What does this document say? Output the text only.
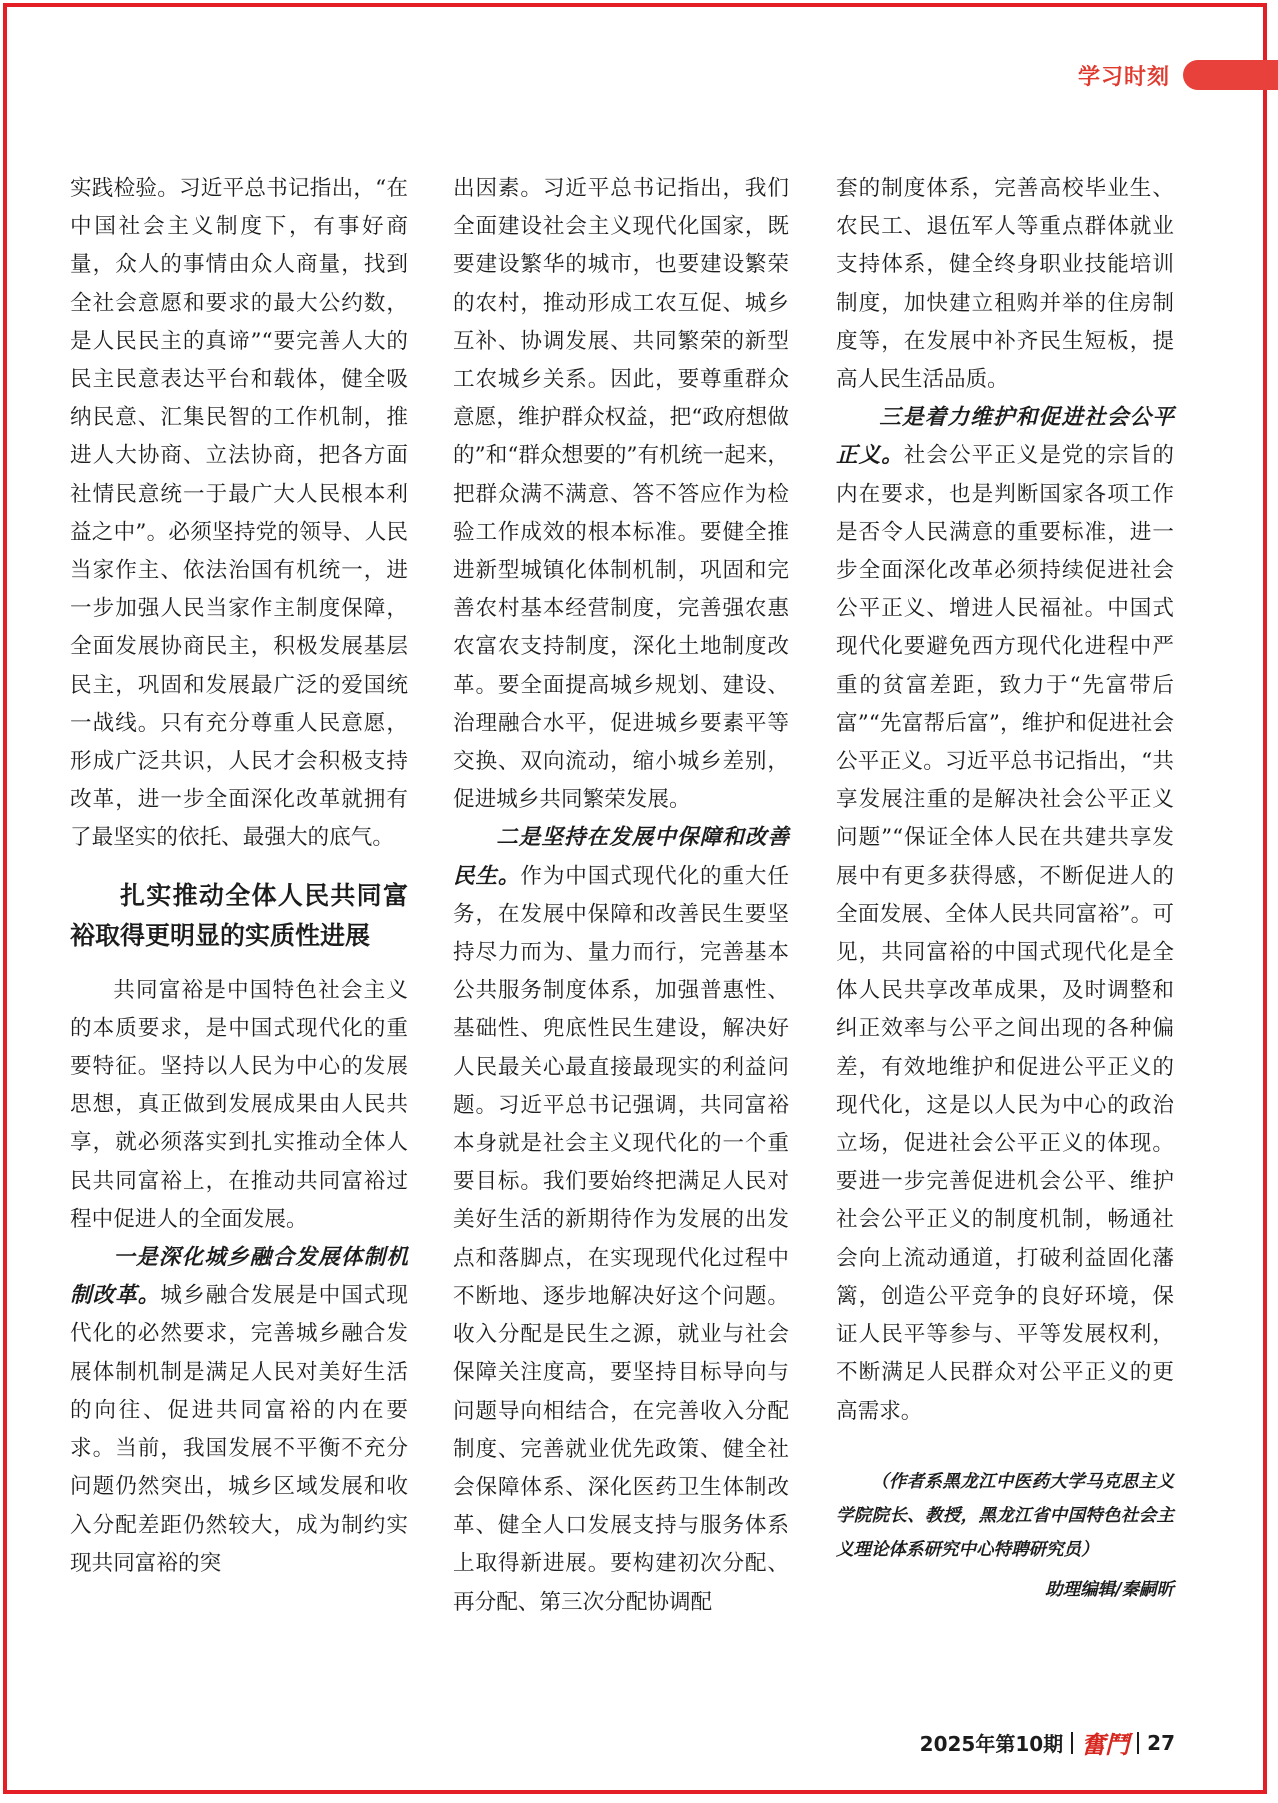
学习时刻

实践检验。习近平总书记指出，“在中国社会主义制度下，有事好商量，众人的事情由众人商量，找到全社会意愿和要求的最大公约数，是人民民主的真谛”“要完善人大的民主民意表达平台和载体，健全吸纳民意、汇集民智的工作机制，推进人大协商、立法协商，把各方面社情民意统一于最广大人民根本利益之中”。必须坚持党的领导、人民当家作主、依法治国有机统一，进一步加强人民当家作主制度保障，全面发展协商民主，积极发展基层民主，巩固和发展最广泛的爱国统一战线。只有充分尊重人民意愿，形成广泛共识，人民才会积极支持改革，进一步全面深化改革就拥有了最坚实的依托、最强大的底气。

扎实推动全体人民共同富裕取得更明显的实质性进展

共同富裕是中国特色社会主义的本质要求，是中国式现代化的重要特征。坚持以人民为中心的发展思想，真正做到发展成果由人民共享，就必须落实到扎实推动全体人民共同富裕上，在推动共同富裕过程中促进人的全面发展。

一是深化城乡融合发展体制机制改革。城乡融合发展是中国式现代化的必然要求，完善城乡融合发展体制机制是满足人民对美好生活的向往、促进共同富裕的内在要求。当前，我国发展不平衡不充分问题仍然突出，城乡区域发展和收入分配差距仍然较大，成为制约实现共同富裕的突

出因素。习近平总书记指出，我们全面建设社会主义现代化国家，既要建设繁华的城市，也要建设繁荣的农村，推动形成工农互促、城乡互补、协调发展、共同繁荣的新型工农城乡关系。因此，要尊重群众意愿，维护群众权益，把“政府想做的”和“群众想要的”有机统一起来，把群众满不满意、答不答应作为检验工作成效的根本标准。要健全推进新型城镇化体制机制，巩固和完善农村基本经营制度，完善强农惠农富农支持制度，深化土地制度改革。要全面提高城乡规划、建设、治理融合水平，促进城乡要素平等交换、双向流动，缩小城乡差别，促进城乡共同繁荣发展。

二是坚持在发展中保障和改善民生。作为中国式现代化的重大任务，在发展中保障和改善民生要坚持尽力而为、量力而行，完善基本公共服务制度体系，加强普惠性、基础性、兜底性民生建设，解决好人民最关心最直接最现实的利益问题。习近平总书记强调，共同富裕本身就是社会主义现代化的一个重要目标。我们要始终把满足人民对美好生活的新期待作为发展的出发点和落脚点，在实现现代化过程中不断地、逐步地解决好这个问题。收入分配是民生之源，就业与社会保障关注度高，要坚持目标导向与问题导向相结合，在完善收入分配制度、完善就业优先政策、健全社会保障体系、深化医药卫生体制改革、健全人口发展支持与服务体系上取得新进展。要构建初次分配、再分配、第三次分配协调配

套的制度体系，完善高校毕业生、农民工、退伍军人等重点群体就业支持体系，健全终身职业技能培训制度，加快建立租购并举的住房制度等，在发展中补齐民生短板，提高人民生活品质。

三是着力维护和促进社会公平正义。社会公平正义是党的宗旨的内在要求，也是判断国家各项工作是否令人民满意的重要标准，进一步全面深化改革必须持续促进社会公平正义、增进人民福祉。中国式现代化要避免西方现代化进程中严重的贫富差距，致力于“先富带后富”“先富帮后富”，维护和促进社会公平正义。习近平总书记指出，“共享发展注重的是解决社会公平正义问题”“保证全体人民在共建共享发展中有更多获得感，不断促进人的全面发展、全体人民共同富裕”。可见，共同富裕的中国式现代化是全体人民共享改革成果，及时调整和纠正效率与公平之间出现的各种偏差，有效地维护和促进公平正义的现代化，这是以人民为中心的政治立场，促进社会公平正义的体现。要进一步完善促进机会公平、维护社会公平正义的制度机制，畅通社会向上流动通道，打破利益固化藩篱，创造公平竞争的良好环境，保证人民平等参与、平等发展权利，不断满足人民群众对公平正义的更高需求。

（作者系黑龙江中医药大学马克思主义学院院长、教授，黑龙江省中国特色社会主义理论体系研究中心特聘研究员）
助理编辑/秦嗣昕
2025年第10期 奮鬥 27
